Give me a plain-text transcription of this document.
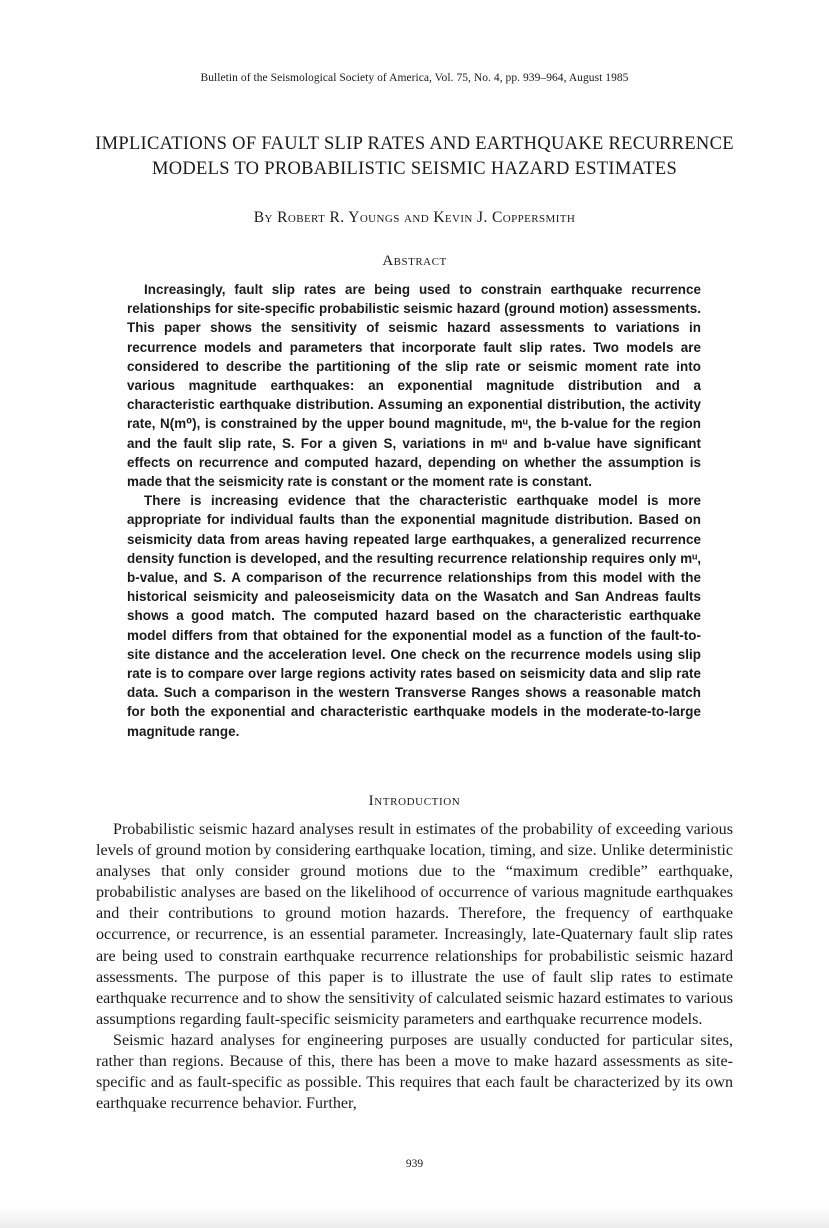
Bulletin of the Seismological Society of America, Vol. 75, No. 4, pp. 939–964, August 1985
IMPLICATIONS OF FAULT SLIP RATES AND EARTHQUAKE RECURRENCE MODELS TO PROBABILISTIC SEISMIC HAZARD ESTIMATES
By Robert R. Youngs and Kevin J. Coppersmith
Abstract

Increasingly, fault slip rates are being used to constrain earthquake recurrence relationships for site-specific probabilistic seismic hazard (ground motion) assessments. This paper shows the sensitivity of seismic hazard assessments to variations in recurrence models and parameters that incorporate fault slip rates. Two models are considered to describe the partitioning of the slip rate or seismic moment rate into various magnitude earthquakes: an exponential magnitude distribution and a characteristic earthquake distribution. Assuming an exponential distribution, the activity rate, N(m⁰), is constrained by the upper bound magnitude, mᵘ, the b-value for the region and the fault slip rate, S. For a given S, variations in mᵘ and b-value have significant effects on recurrence and computed hazard, depending on whether the assumption is made that the seismicity rate is constant or the moment rate is constant.

There is increasing evidence that the characteristic earthquake model is more appropriate for individual faults than the exponential magnitude distribution. Based on seismicity data from areas having repeated large earthquakes, a generalized recurrence density function is developed, and the resulting recurrence relationship requires only mᵘ, b-value, and S. A comparison of the recurrence relationships from this model with the historical seismicity and paleoseismicity data on the Wasatch and San Andreas faults shows a good match. The computed hazard based on the characteristic earthquake model differs from that obtained for the exponential model as a function of the fault-to-site distance and the acceleration level. One check on the recurrence models using slip rate is to compare over large regions activity rates based on seismicity data and slip rate data. Such a comparison in the western Transverse Ranges shows a reasonable match for both the exponential and characteristic earthquake models in the moderate-to-large magnitude range.

Introduction

Probabilistic seismic hazard analyses result in estimates of the probability of exceeding various levels of ground motion by considering earthquake location, timing, and size. Unlike deterministic analyses that only consider ground motions due to the “maximum credible” earthquake, probabilistic analyses are based on the likelihood of occurrence of various magnitude earthquakes and their contributions to ground motion hazards. Therefore, the frequency of earthquake occurrence, or recurrence, is an essential parameter. Increasingly, late-Quaternary fault slip rates are being used to constrain earthquake recurrence relationships for probabilistic seismic hazard assessments. The purpose of this paper is to illustrate the use of fault slip rates to estimate earthquake recurrence and to show the sensitivity of calculated seismic hazard estimates to various assumptions regarding fault-specific seismicity parameters and earthquake recurrence models.

Seismic hazard analyses for engineering purposes are usually conducted for particular sites, rather than regions. Because of this, there has been a move to make hazard assessments as site-specific and as fault-specific as possible. This requires that each fault be characterized by its own earthquake recurrence behavior. Further,

939
